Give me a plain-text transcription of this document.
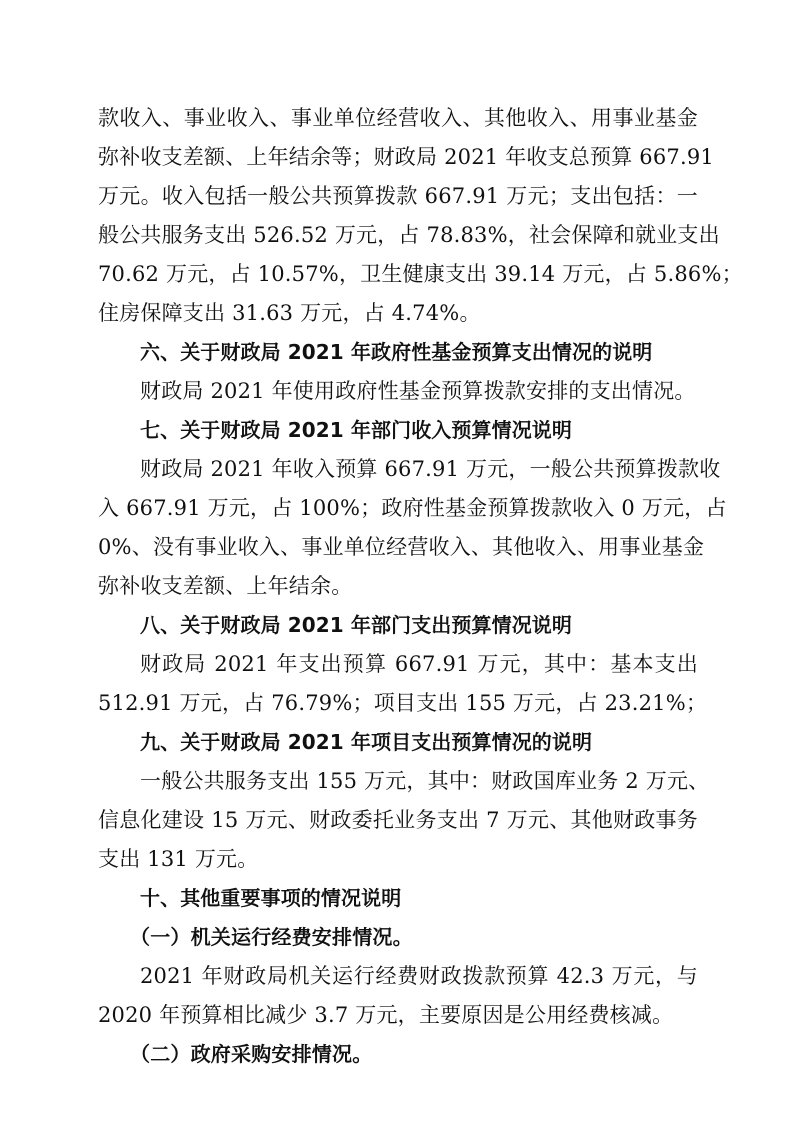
款收入、事业收入、事业单位经营收入、其他收入、用事业基金
弥补收支差额、上年结余等；财政局 2021 年收支总预算 667.91
万元。收入包括一般公共预算拨款 667.91 万元；支出包括：一
般公共服务支出 526.52 万元，占 78.83%，社会保障和就业支出
70.62 万元，占 10.57%，卫生健康支出 39.14 万元，占 5.86%；
住房保障支出 31.63 万元，占 4.74%。
六、关于财政局 2021 年政府性基金预算支出情况的说明
财政局 2021 年使用政府性基金预算拨款安排的支出情况。
七、关于财政局 2021 年部门收入预算情况说明
财政局 2021 年收入预算 667.91 万元，一般公共预算拨款收
入 667.91 万元，占 100%；政府性基金预算拨款收入 0 万元，占
0%、没有事业收入、事业单位经营收入、其他收入、用事业基金
弥补收支差额、上年结余。
八、关于财政局 2021 年部门支出预算情况说明
财政局 2021 年支出预算 667.91 万元，其中：基本支出
512.91 万元，占 76.79%；项目支出 155 万元，占 23.21%；
九、关于财政局 2021 年项目支出预算情况的说明
一般公共服务支出 155 万元，其中：财政国库业务 2 万元、
信息化建设 15 万元、财政委托业务支出 7 万元、其他财政事务
支出 131 万元。
十、其他重要事项的情况说明
（一）机关运行经费安排情况。
2021 年财政局机关运行经费财政拨款预算 42.3 万元，与
2020 年预算相比减少 3.7 万元，主要原因是公用经费核减。
（二）政府采购安排情况。
